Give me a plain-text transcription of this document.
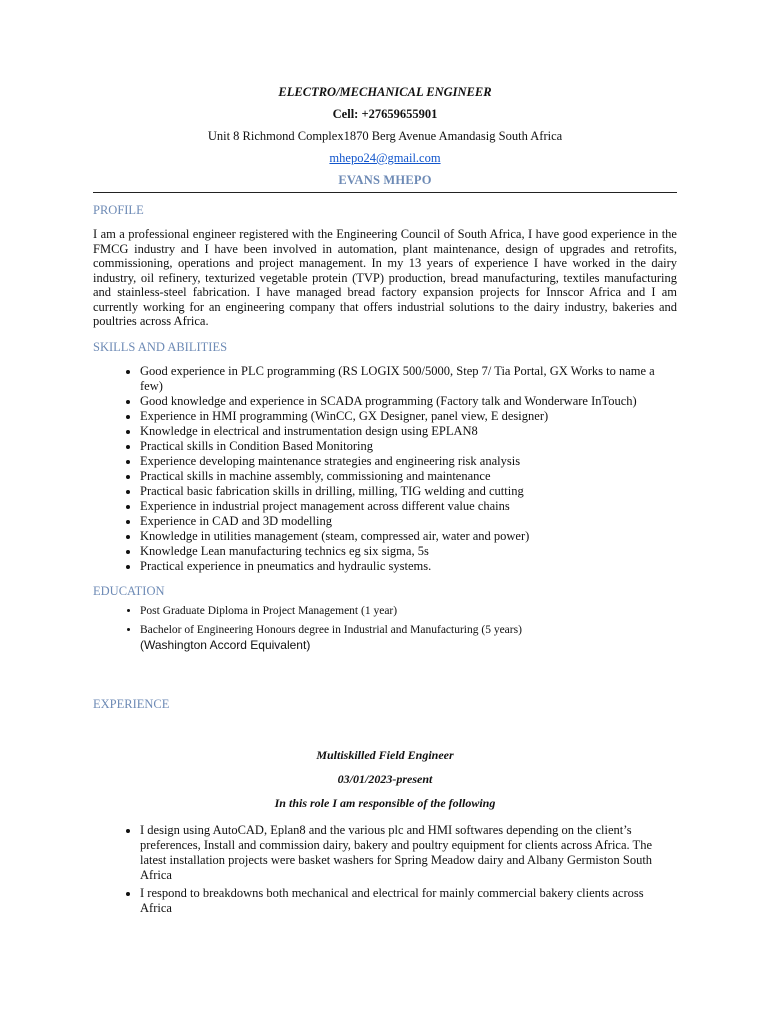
ELECTRO/MECHANICAL ENGINEER
Cell: +27659655901
Unit 8 Richmond Complex1870 Berg Avenue Amandasig South Africa
mhepo24@gmail.com
EVANS MHEPO
PROFILE

I am a professional engineer registered with the Engineering Council of South Africa, I have good experience in the FMCG industry and I have been involved in automation, plant maintenance, design of upgrades and retrofits, commissioning, operations and project management. In my 13 years of experience I have worked in the dairy industry, oil refinery, texturized vegetable protein (TVP) production, bread manufacturing, textiles manufacturing and stainless-steel fabrication. I have managed bread factory expansion projects for Innscor Africa and I am currently working for an engineering company that offers industrial solutions to the dairy industry, bakeries and poultries across Africa.

SKILLS AND ABILITIES
• Good experience in PLC programming (RS LOGIX 500/5000, Step 7/ Tia Portal, GX Works to name a few)
• Good knowledge and experience in SCADA programming (Factory talk and Wonderware InTouch)
• Experience in HMI programming (WinCC, GX Designer, panel view, E designer)
• Knowledge in electrical and instrumentation design using EPLAN8
• Practical skills in Condition Based Monitoring
• Experience developing maintenance strategies and engineering risk analysis
• Practical skills in machine assembly, commissioning and maintenance
• Practical basic fabrication skills in drilling, milling, TIG welding and cutting
• Experience in industrial project management across different value chains
• Experience in CAD and 3D modelling
• Knowledge in utilities management (steam, compressed air, water and power)
• Knowledge Lean manufacturing technics eg six sigma, 5s
• Practical experience in pneumatics and hydraulic systems.
EDUCATION
• Post Graduate Diploma in Project Management (1 year)
• Bachelor of Engineering Honours degree in Industrial and Manufacturing (5 years)
(Washington Accord Equivalent)
EXPERIENCE
Multiskilled Field Engineer
03/01/2023-present
In this role I am responsible of the following
• I design using AutoCAD, Eplan8 and the various plc and HMI softwares depending on the client’s preferences, Install and commission dairy, bakery and poultry equipment for clients across Africa. The latest installation projects were basket washers for Spring Meadow dairy and Albany Germiston South Africa
• I respond to breakdowns both mechanical and electrical for mainly commercial bakery clients across Africa
